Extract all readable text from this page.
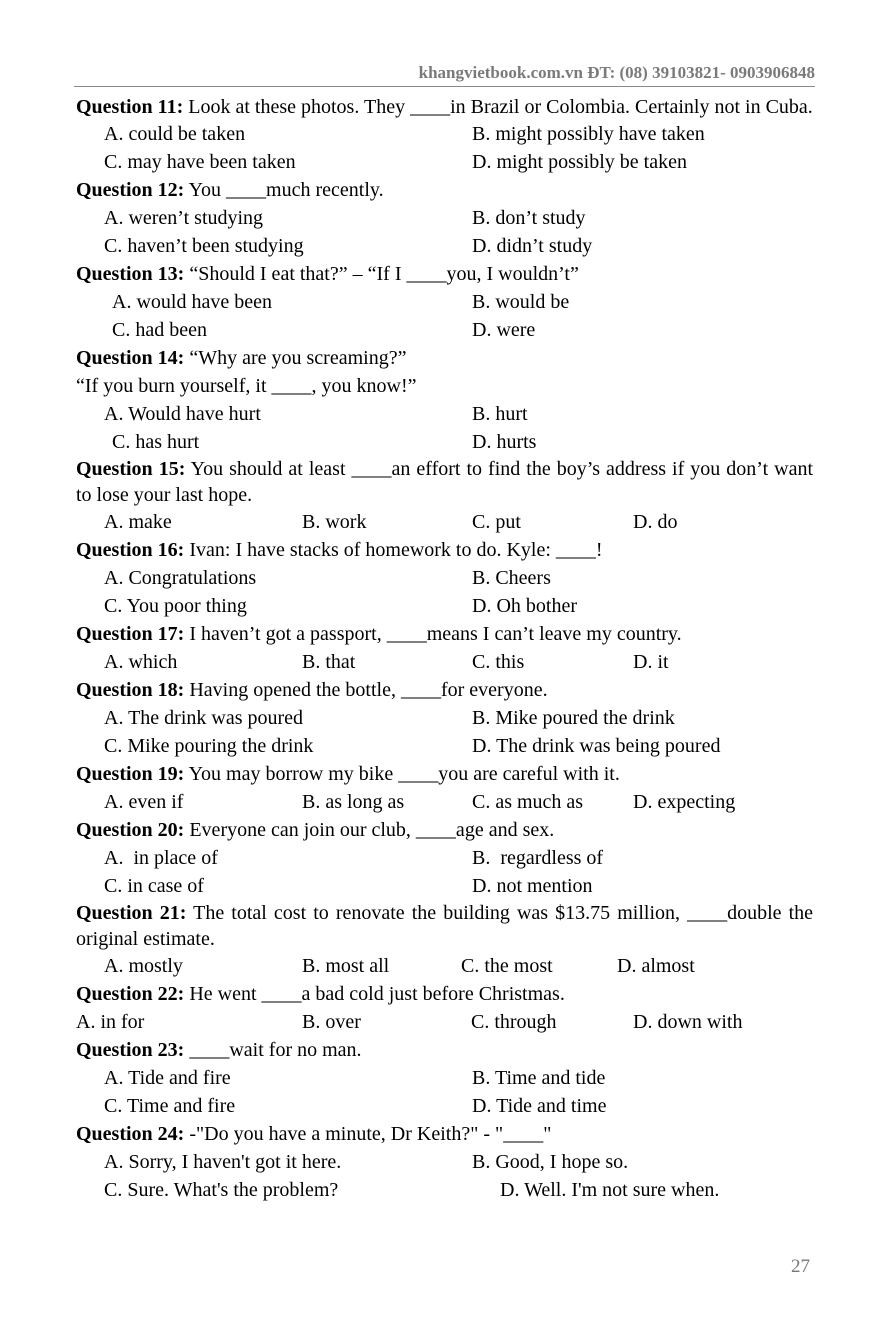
khangvietbook.com.vn ĐT: (08) 39103821- 0903906848
Question 11: Look at these photos. They ____in Brazil or Colombia. Certainly not in Cuba.
A. could be taken	B. might possibly have taken
C. may have been taken	D. might possibly be taken
Question 12: You ____much recently.
A. weren’t studying	B. don’t study
C. haven’t been studying	D. didn’t study
Question 13: “Should I eat that?” – “If I ____you, I wouldn’t”
A. would have been	B. would be
C. had been	D. were
Question 14: “Why are you screaming?”
“If you burn yourself, it ____, you know!”
A. Would have hurt	B. hurt
C. has hurt	D. hurts
Question 15: You should at least ____an effort to find the boy’s address if you don’t want to lose your last hope.
A. make	B. work	C. put	D. do
Question 16: Ivan: I have stacks of homework to do. Kyle: ____!
A. Congratulations	B. Cheers
C. You poor thing	D. Oh bother
Question 17: I haven’t got a passport, ____means I can’t leave my country.
A. which	B. that	C. this	D. it
Question 18: Having opened the bottle, ____for everyone.
A. The drink was poured	B. Mike poured the drink
C. Mike pouring the drink	D. The drink was being poured
Question 19: You may borrow my bike ____you are careful with it.
A. even if	B. as long as	C. as much as D. expecting
Question 20: Everyone can join our club, ____age and sex.
A.  in place of	B.  regardless of
C. in case of	D. not mention
Question 21: The total cost to renovate the building was $13.75 million, ____double the original estimate.
A. mostly	B. most all	C. the most	D. almost
Question 22: He went ____a bad cold just before Christmas.
A. in for	B. over	C. through	D. down with
Question 23: ____wait for no man.
A. Tide and fire	B. Time and tide
C. Time and fire	D. Tide and time
Question 24: -"Do you have a minute, Dr Keith?" - "____"
A. Sorry, I haven't got it here.	B. Good, I hope so.
C. Sure. What's the problem?	D. Well. I'm not sure when.
27
